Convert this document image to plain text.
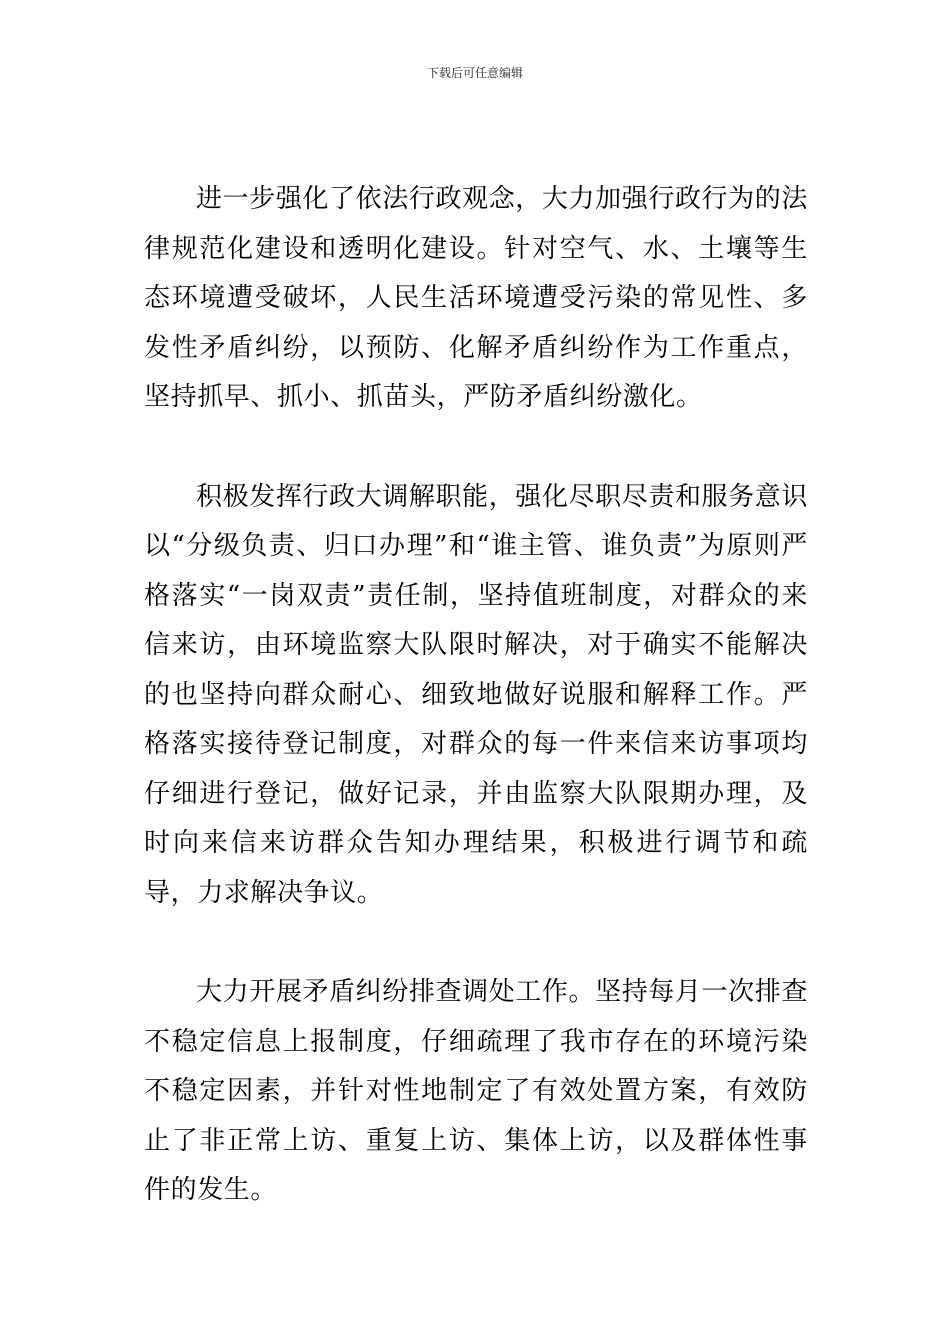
下载后可任意编辑

进一步强化了依法行政观念，大力加强行政行为的法律规范化建设和透明化建设。针对空气、水、土壤等生态环境遭受破坏，人民生活环境遭受污染的常见性、多发性矛盾纠纷，以预防、化解矛盾纠纷作为工作重点，坚持抓早、抓小、抓苗头，严防矛盾纠纷激化。

积极发挥行政大调解职能，强化尽职尽责和服务意识以“分级负责、归口办理”和“谁主管、谁负责”为原则严格落实“一岗双责”责任制，坚持值班制度，对群众的来信来访，由环境监察大队限时解决，对于确实不能解决的也坚持向群众耐心、细致地做好说服和解释工作。严格落实接待登记制度，对群众的每一件来信来访事项均仔细进行登记，做好记录，并由监察大队限期办理，及时向来信来访群众告知办理结果，积极进行调节和疏导，力求解决争议。

大力开展矛盾纠纷排查调处工作。坚持每月一次排查不稳定信息上报制度，仔细疏理了我市存在的环境污染不稳定因素，并针对性地制定了有效处置方案，有效防止了非正常上访、重复上访、集体上访，以及群体性事件的发生。
